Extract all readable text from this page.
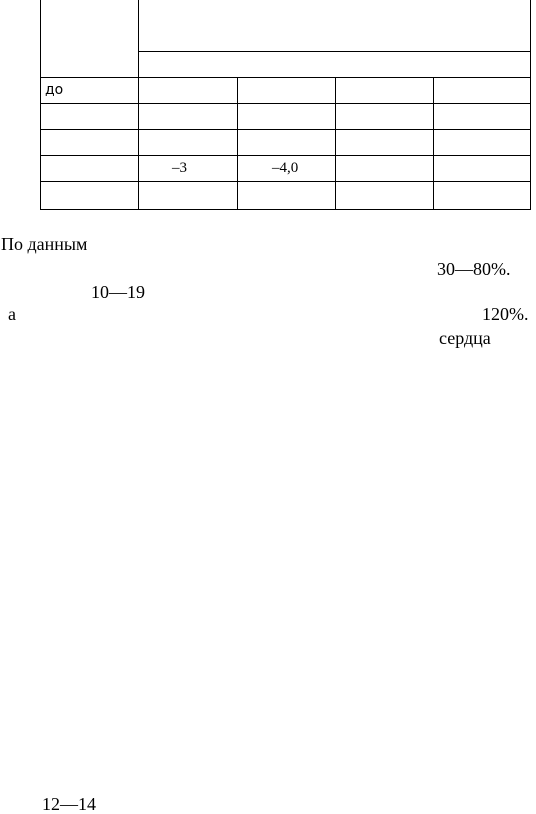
до
–3	–4,0
По данным
30—80%.
10—19
а	120%.
сердца
12—14
